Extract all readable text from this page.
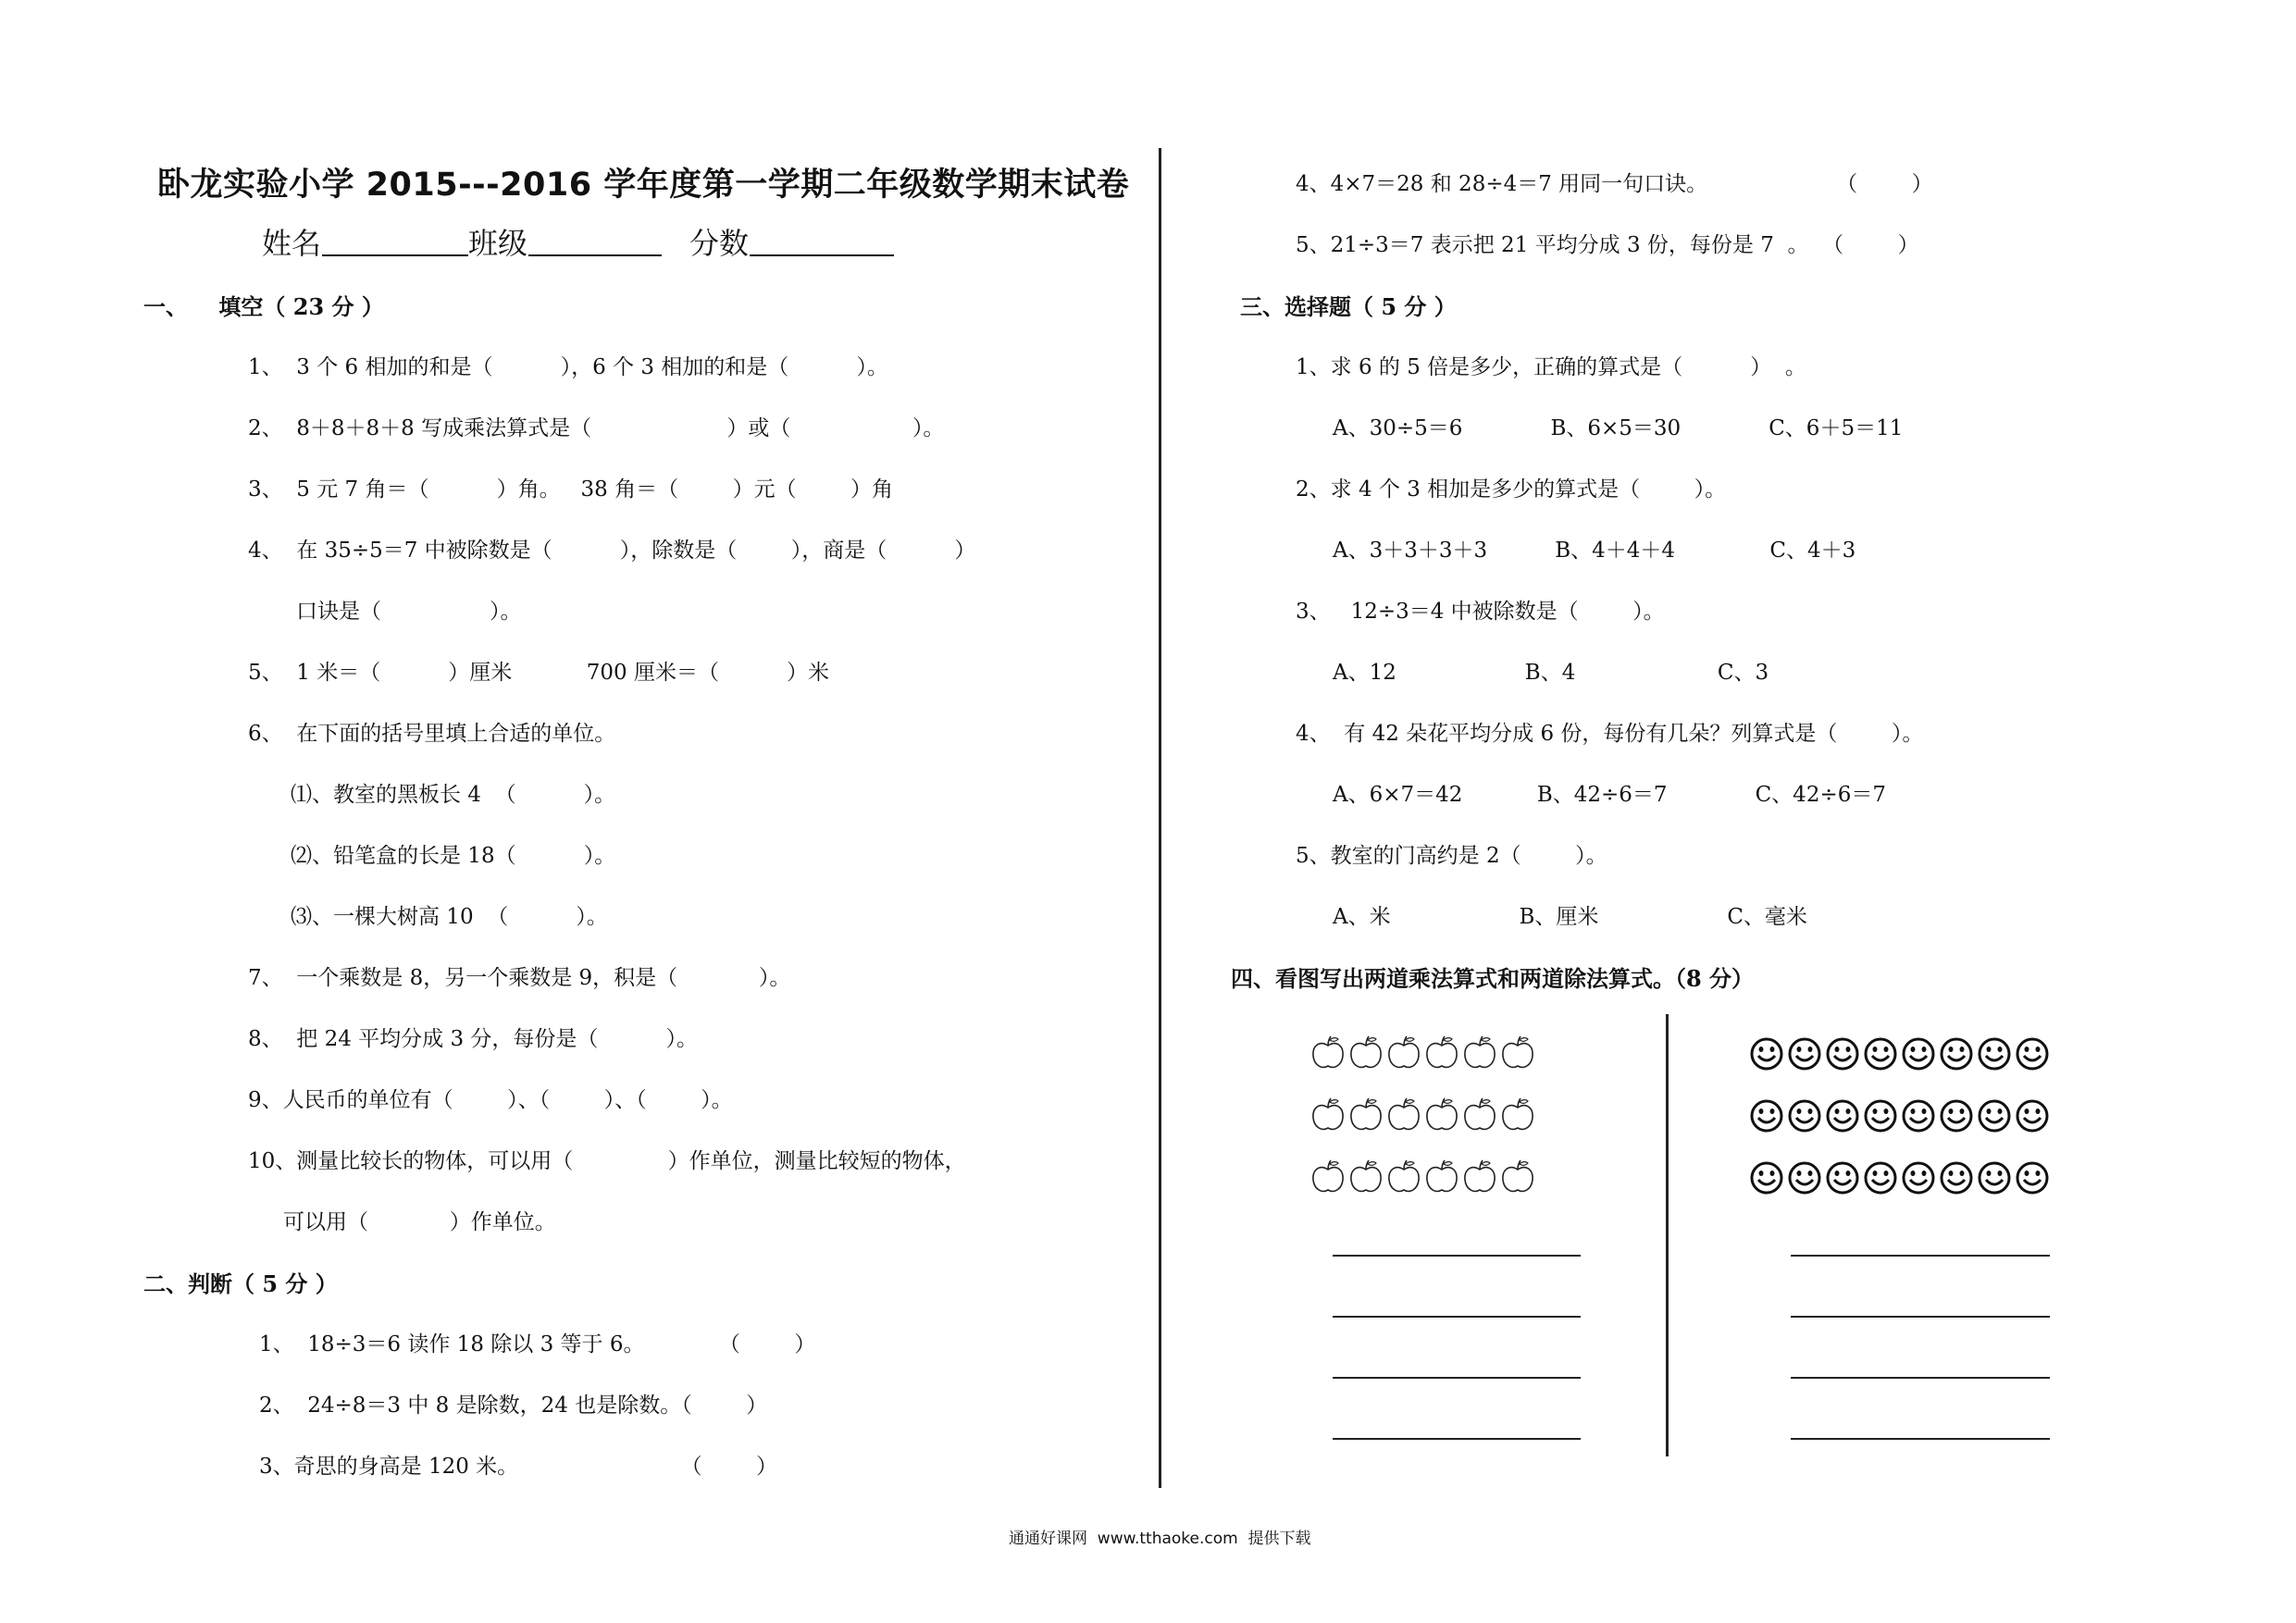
卧龙实验小学 2015---2016 学年度第一学期二年级数学期末试卷
姓名	班级	分数
一、    填空（ 23 分 ）
1、  3 个 6 相加的和是（          ），6 个 3 相加的和是（          ）。
2、  8＋8＋8＋8 写成乘法算式是（                    ）或（                  ）。
3、  5 元 7 角＝（          ）角。   38 角＝（        ）元（        ）角
4、  在 35÷5＝7 中被除数是（          ），除数是（        ），商是（          ）
口诀是（                ）。
5、  1 米＝（          ）厘米           700 厘米＝（          ）米
6、  在下面的括号里填上合适的单位。
⑴、教室的黑板长 4  （          ）。
⑵、铅笔盒的长是 18（          ）。
⑶、一棵大树高 10  （          ）。
7、  一个乘数是 8，另一个乘数是 9，积是（            ）。
8、  把 24 平均分成 3 分，每份是（          ）。
9、人民币的单位有（        ）、（        ）、（        ）。
10、测量比较长的物体，可以用（              ）作单位，测量比较短的物体，
可以用（            ）作单位。
二、判断（ 5 分 ）
1、  18÷3＝6 读作 18 除以 3 等于 6。           （        ）
2、  24÷8＝3 中 8 是除数，24 也是除数。（        ）
3、奇思的身高是 120 米。                        （        ）
4、4×7＝28 和 28÷4＝7 用同一句口诀。                   （        ）
5、21÷3＝7 表示把 21 平均分成 3 份，每份是 7  。  （        ）
三、选择题（ 5 分 ）
1、求 6 的 5 倍是多少，正确的算式是（          ）  。
A、30÷5＝6             B、6×5＝30             C、6＋5＝11
2、求 4 个 3 相加是多少的算式是（        ）。
A、3＋3＋3＋3          B、4＋4＋4              C、4＋3
3、   12÷3＝4 中被除数是（        ）。
A、12                   B、4                     C、3
4、  有 42 朵花平均分成 6 份，每份有几朵？列算式是（        ）。
A、6×7＝42           B、42÷6＝7             C、42÷6＝7
5、教室的门高约是 2（        ）。
A、米                   B、厘米                   C、毫米
四、看图写出两道乘法算式和两道除法算式。（8 分）
通通好课网  www.tthaoke.com  提供下载
